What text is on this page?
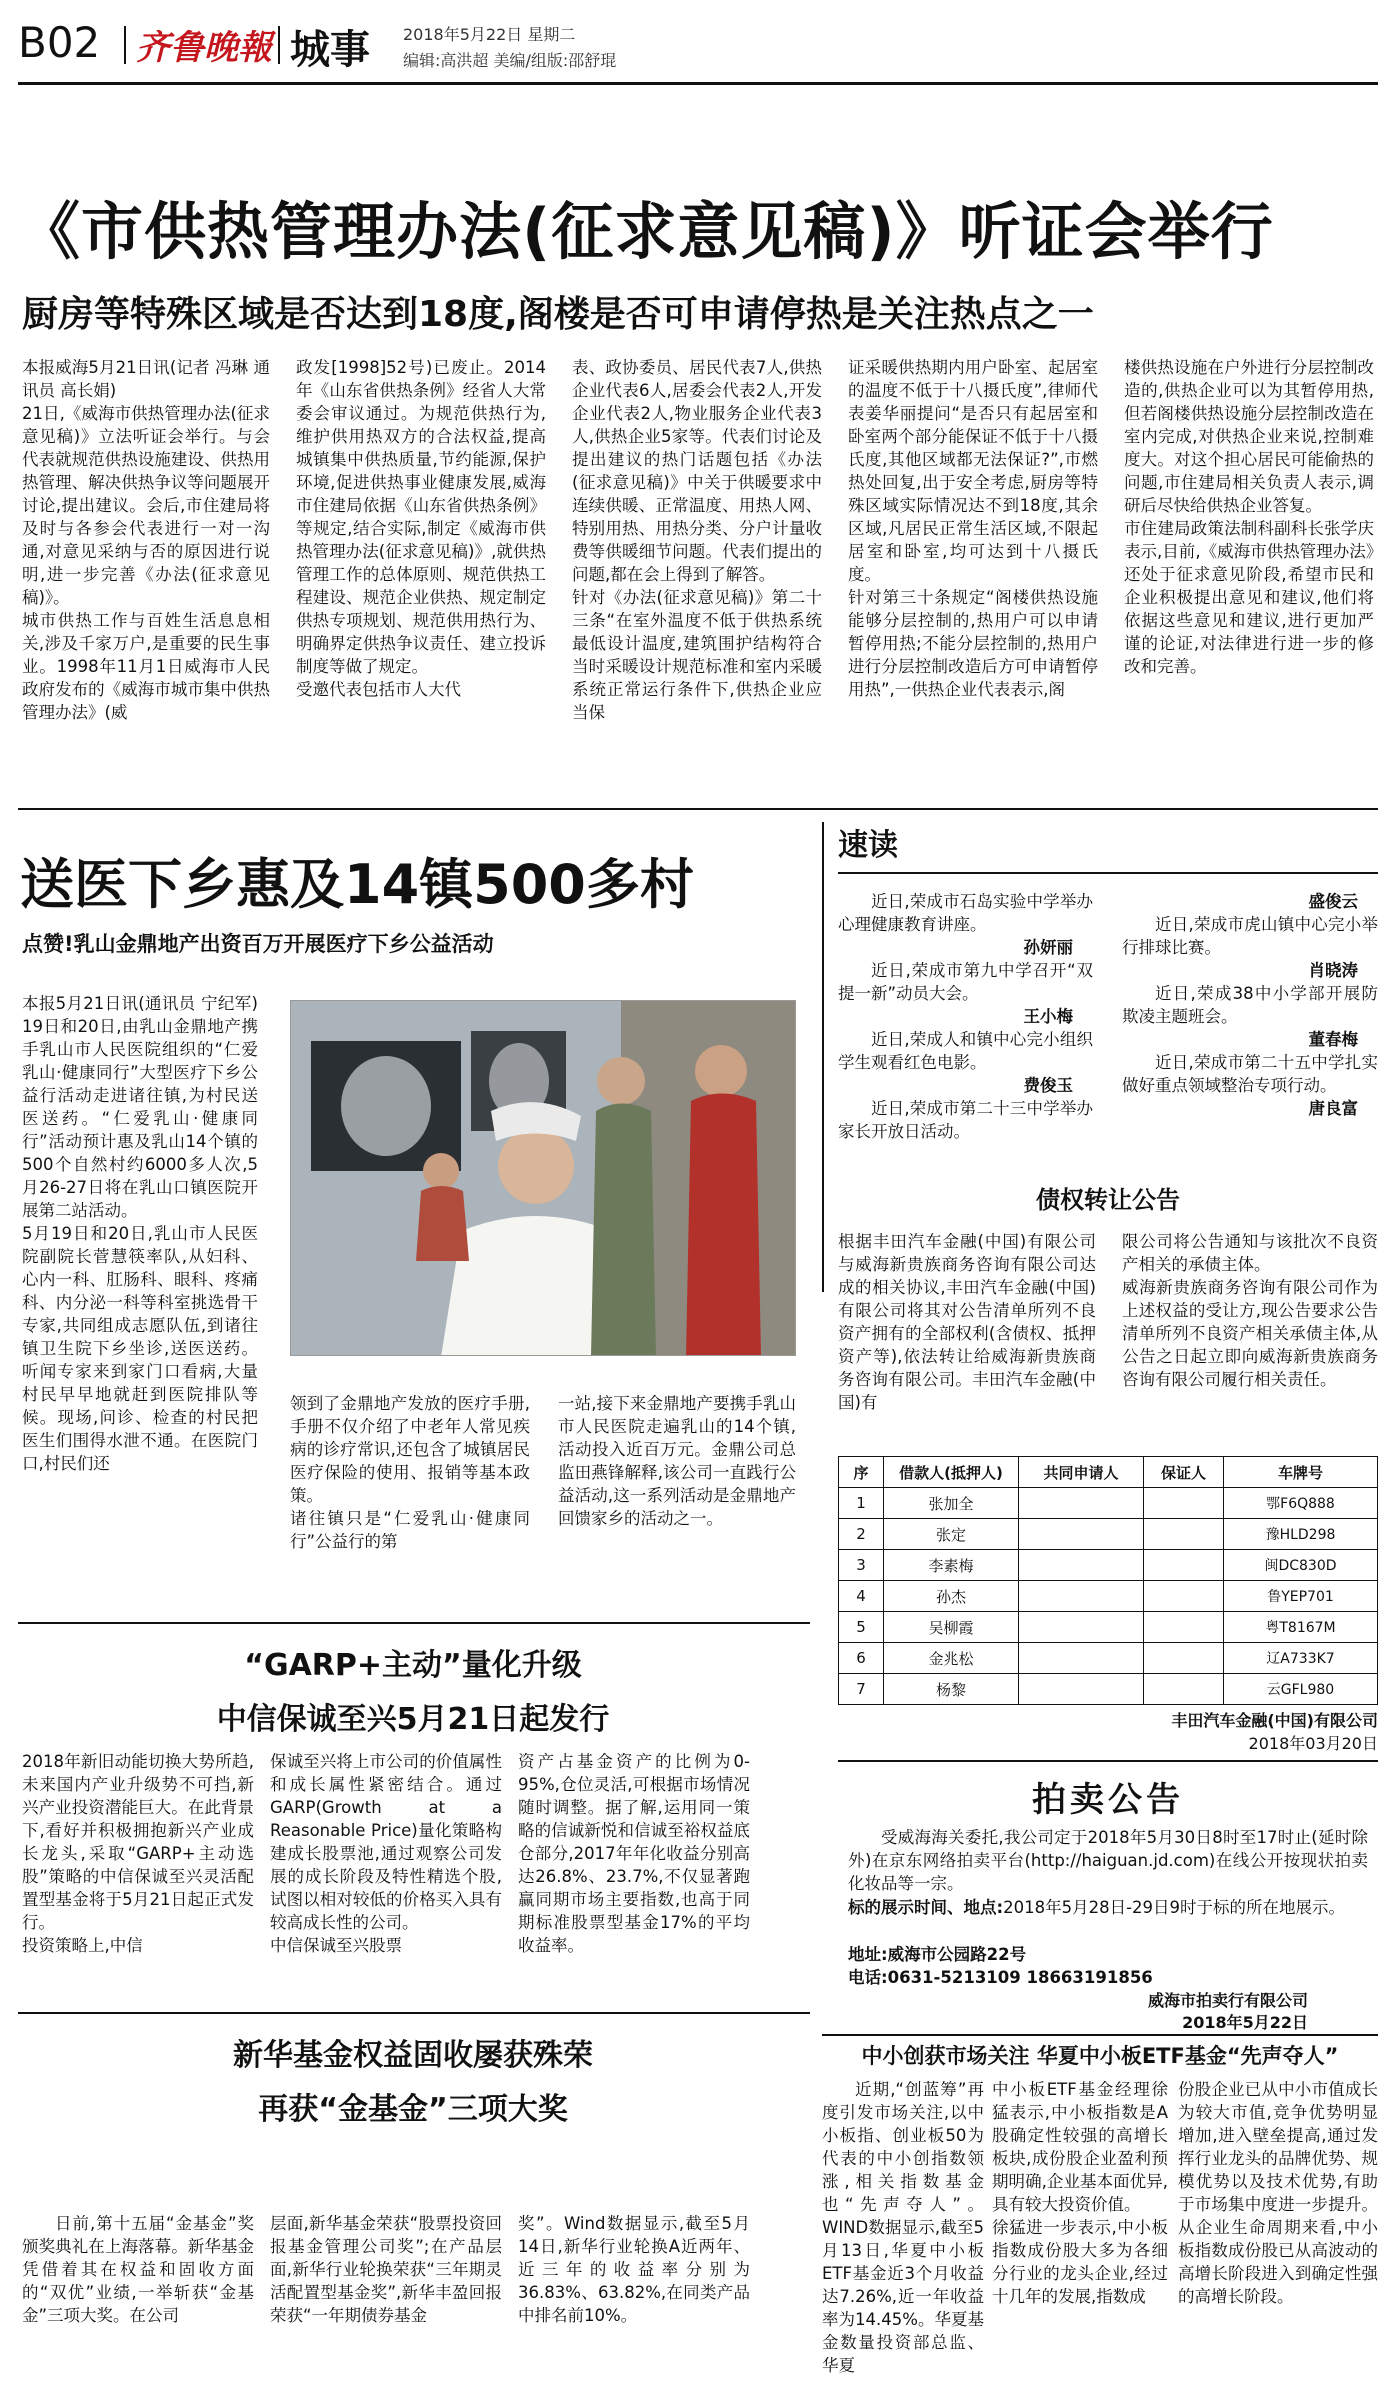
B02 齐鲁晚報 城事 2018年5月22日 星期二
编辑:高洪超 美编/组版:邵舒琨
《市供热管理办法(征求意见稿)》听证会举行
厨房等特殊区域是否达到18度,阁楼是否可申请停热是关注热点之一
本报威海5月21日讯(记者 冯琳 通讯员 高长娟)
21日,《威海市供热管理办法(征求意见稿)》立法听证会举行。与会代表就规范供热设施建设、供热用热管理、解决供热争议等问题展开讨论,提出建议。会后,市住建局将及时与各参会代表进行一对一沟通,对意见采纳与否的原因进行说明,进一步完善《办法(征求意见稿)》。
城市供热工作与百姓生活息息相关,涉及千家万户,是重要的民生事业。1998年11月1日威海市人民政府发布的《威海市城市集中供热管理办法》(威
政发[1998]52号)已废止。2014年《山东省供热条例》经省人大常委会审议通过。为规范供热行为,维护供用热双方的合法权益,提高城镇集中供热质量,节约能源,保护环境,促进供热事业健康发展,威海市住建局依据《山东省供热条例》等规定,结合实际,制定《威海市供热管理办法(征求意见稿)》,就供热管理工作的总体原则、规范供热工程建设、规范企业供热、规定制定供热专项规划、规范供用热行为、明确界定供热争议责任、建立投诉制度等做了规定。
受邀代表包括市人大代
表、政协委员、居民代表7人,供热企业代表6人,居委会代表2人,开发企业代表2人,物业服务企业代表3人,供热企业5家等。代表们讨论及提出建议的热门话题包括《办法(征求意见稿)》中关于供暖要求中连续供暖、正常温度、用热人网、特别用热、用热分类、分户计量收费等供暖细节问题。代表们提出的问题,都在会上得到了解答。
针对《办法(征求意见稿)》第二十三条“在室外温度不低于供热系统最低设计温度,建筑围护结构符合当时采暖设计规范标准和室内采暖系统正常运行条件下,供热企业应当保
证采暖供热期内用户卧室、起居室的温度不低于十八摄氏度”,律师代表姜华丽提问“是否只有起居室和卧室两个部分能保证不低于十八摄氏度,其他区域都无法保证?”,市燃热处回复,出于安全考虑,厨房等特殊区域实际情况达不到18度,其余区域,凡居民正常生活区域,不限起居室和卧室,均可达到十八摄氏度。
针对第三十条规定“阁楼供热设施能够分层控制的,热用户可以申请暂停用热;不能分层控制的,热用户进行分层控制改造后方可申请暂停用热”,一供热企业代表表示,阁
楼供热设施在户外进行分层控制改造的,供热企业可以为其暂停用热,但若阁楼供热设施分层控制改造在室内完成,对供热企业来说,控制难度大。对这个担心居民可能偷热的问题,市住建局相关负责人表示,调研后尽快给供热企业答复。
市住建局政策法制科副科长张学庆表示,目前,《威海市供热管理办法》还处于征求意见阶段,希望市民和企业积极提出意见和建议,他们将依据这些意见和建议,进行更加严谨的论证,对法律进行进一步的修改和完善。
送医下乡惠及14镇500多村
点赞!乳山金鼎地产出资百万开展医疗下乡公益活动
本报5月21日讯(通讯员 宁纪军) 19日和20日,由乳山金鼎地产携手乳山市人民医院组织的“仁爱乳山·健康同行”大型医疗下乡公益行活动走进诸往镇,为村民送医送药。“仁爱乳山·健康同行”活动预计惠及乳山14个镇的500个自然村约6000多人次,5月26-27日将在乳山口镇医院开展第二站活动。
5月19日和20日,乳山市人民医院副院长菅慧筷率队,从妇科、心内一科、肛肠科、眼科、疼痛科、内分泌一科等科室挑选骨干专家,共同组成志愿队伍,到诸往镇卫生院下乡坐诊,送医送药。听闻专家来到家门口看病,大量村民早早地就赶到医院排队等候。现场,问诊、检查的村民把医生们围得水泄不通。在医院门口,村民们还
领到了金鼎地产发放的医疗手册,手册不仅介绍了中老年人常见疾病的诊疗常识,还包含了城镇居民医疗保险的使用、报销等基本政策。
诸往镇只是“仁爱乳山·健康同行”公益行的第
一站,接下来金鼎地产要携手乳山市人民医院走遍乳山的14个镇,活动投入近百万元。金鼎公司总监田燕锋解释,该公司一直践行公益活动,这一系列活动是金鼎地产回馈家乡的活动之一。
速读
近日,荣成市石岛实验中学举办心理健康教育讲座。
孙妍丽
近日,荣成市第九中学召开“双提一新”动员大会。
王小梅
近日,荣成人和镇中心完小组织学生观看红色电影。
费俊玉
近日,荣成市第二十三中学举办家长开放日活动。
盛俊云
近日,荣成市虎山镇中心完小举行排球比赛。
肖晓涛
近日,荣成38中小学部开展防欺凌主题班会。
董春梅
近日,荣成市第二十五中学扎实做好重点领域整治专项行动。
唐良富
债权转让公告
根据丰田汽车金融(中国)有限公司与威海新贵族商务咨询有限公司达成的相关协议,丰田汽车金融(中国)有限公司将其对公告清单所列不良资产拥有的全部权利(含债权、抵押资产等),依法转让给威海新贵族商务咨询有限公司。丰田汽车金融(中国)有
限公司将公告通知与该批次不良资产相关的承债主体。
威海新贵族商务咨询有限公司作为上述权益的受让方,现公告要求公告清单所列不良资产相关承债主体,从公告之日起立即向威海新贵族商务咨询有限公司履行相关责任。
序	借款人(抵押人)	共同申请人	保证人	车牌号
1	张加全			鄂F6Q888
2	张定			豫HLD298
3	李素梅			闽DC830D
4	孙杰			鲁YEP701
5	吴柳霞			粤T8167M
6	金兆松			辽A733K7
7	杨黎			云GFL980
丰田汽车金融(中国)有限公司
2018年03月20日
“GARP+主动”量化升级
中信保诚至兴5月21日起发行
2018年新旧动能切换大势所趋,未来国内产业升级势不可挡,新兴产业投资潜能巨大。在此背景下,看好并积极拥抱新兴产业成长龙头,采取“GARP+主动选股”策略的中信保诚至兴灵活配置型基金将于5月21日起正式发行。
投资策略上,中信
保诚至兴将上市公司的价值属性和成长属性紧密结合。通过GARP(Growth at a Reasonable Price)量化策略构建成长股票池,通过观察公司发展的成长阶段及特性精选个股,试图以相对较低的价格买入具有较高成长性的公司。
中信保诚至兴股票
资产占基金资产的比例为0-95%,仓位灵活,可根据市场情况随时调整。据了解,运用同一策略的信诚新悦和信诚至裕权益底仓部分,2017年年化收益分别高达26.8%、23.7%,不仅显著跑赢同期市场主要指数,也高于同期标准股票型基金17%的平均收益率。
拍卖公告
受威海海关委托,我公司定于2018年5月30日8时至17时止(延时除外)在京东网络拍卖平台(http://haiguan.jd.com)在线公开按现状拍卖化妆品等一宗。
标的展示时间、地点:2018年5月28日-29日9时于标的所在地展示。
地址:威海市公园路22号
电话:0631-5213109 18663191856
威海市拍卖行有限公司
2018年5月22日
新华基金权益固收屡获殊荣
再获“金基金”三项大奖
日前,第十五届“金基金”奖颁奖典礼在上海落幕。新华基金凭借着其在权益和固收方面的“双优”业绩,一举斩获“金基金”三项大奖。在公司
层面,新华基金荣获“股票投资回报基金管理公司奖”;在产品层面,新华行业轮换荣获“三年期灵活配置型基金奖”,新华丰盈回报荣获“一年期债券基金
奖”。Wind数据显示,截至5月14日,新华行业轮换A近两年、近三年的收益率分别为36.83%、63.82%,在同类产品中排名前10%。
中小创获市场关注 华夏中小板ETF基金“先声夺人”
近期,“创蓝筹”再度引发市场关注,以中小板指、创业板50为代表的中小创指数领涨,相关指数基金也“先声夺人”。WIND数据显示,截至5月13日,华夏中小板ETF基金近3个月收益达7.26%,近一年收益率为14.45%。华夏基金数量投资部总监、华夏
中小板ETF基金经理徐猛表示,中小板指数是A股确定性较强的高增长板块,成份股企业盈利预期明确,企业基本面优异,具有较大投资价值。
徐猛进一步表示,中小板指数成份股大多为各细分行业的龙头企业,经过十几年的发展,指数成
份股企业已从中小市值成长为较大市值,竞争优势明显增加,进入壁垒提高,通过发挥行业龙头的品牌优势、规模优势以及技术优势,有助于市场集中度进一步提升。从企业生命周期来看,中小板指数成份股已从高波动的高增长阶段进入到确定性强的高增长阶段。
